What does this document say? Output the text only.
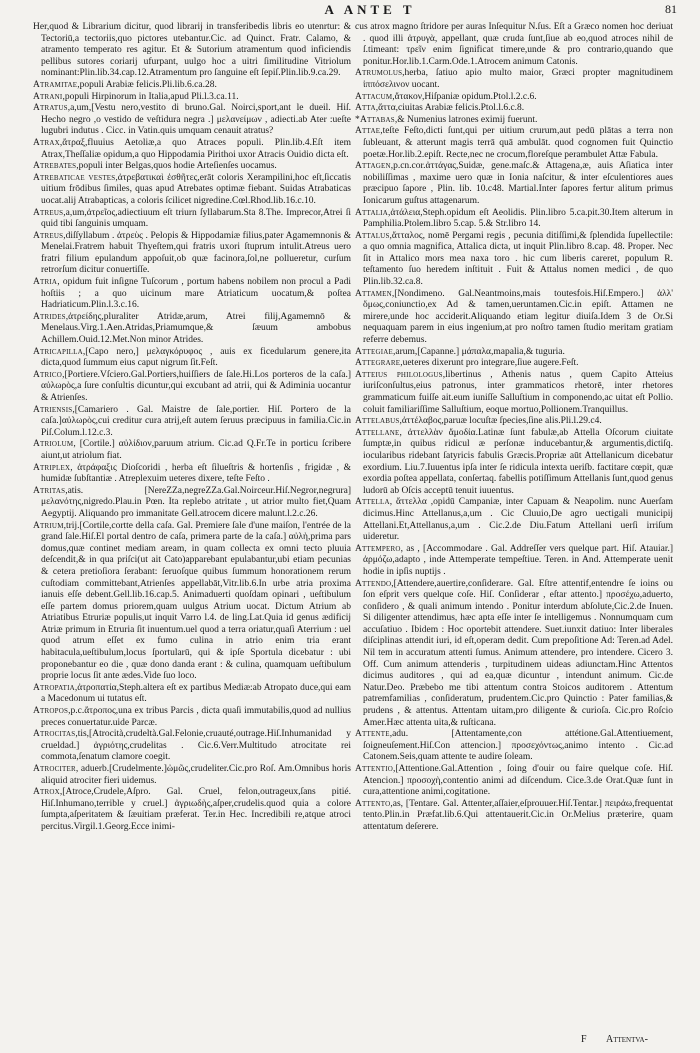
A ANTE T	81

Her,quod & Librarium dicitur, quod librarij in transferibedis libris eo utenrtur: & Tectoriū,a tectoriis,quo pictores utebantur.Cic. ad Quinct. Fratr. Calamo, & atramento temperato res agitur. Et & Sutorium atramentum quod inficiendis pellibus sutores coriarij ufurpant, uulgo hoc a uitri ſimilitudine Vitriolum nominant:Plin.lib.34.cap.12.Atramentum pro ſanguine eſt ſepiſ.Plin.lib.9.ca.29.

Atramitae,populi Arabiæ felicis.Pli.lib.6.ca.28.

Atrani,populi Hirpinorum in Italia,apud Pli.l.3.ca.11.

Atratus,a,um,[Vestu nero,vestito di bruno.Gal. Noirci,sport,ant le dueil. Hiſ. Hecho negro ,o vestido de veſtidura negra .] μελανείμων , adiecti.ab Ater :ueſte lugubri indutus . Cicc. in Vatin.quis umquam cenauit atratus?

Atrax,ἄτραξ,fluuius Aetoliæ,a quo Atraces populi. Plin.lib.4.Eſt item Atrax,Theſſaliæ opidum,a quo Hippodamia Pirithoi uxor Atracis Ouidio dicta eſt.

Atrebates,populi inter Belgas,quos hodie Arteſienſes uocamus.

Atrebaticae vestes,ἀτρεβατικαὶ ἐσθῆτες,erāt coloris Xerampilini,hoc eſt,ſiccatis uitium frōdibus ſimiles, quas apud Atrebates optimæ fiebant. Suidas Atrabaticas uocat.alij Atrabapticas, a coloris ſcilicet nigredine.Cœl.Rhod.lib.16.c.10.

Atreus,a,um,ἀτρεῖος,adiectiuum eſt triurn ſyllabarum.Sta 8.The. Imprecor,Atrei ſi quid tibi ſanguinis umquam.

Atreus,diſſyllabum . ἀτρεὺς . Pelopis & Hippodamiæ filius,pater Agamemnonis & Menelai.Fratrem habuit Thyeſtem,qui fratris uxori ſtuprum intulit.Atreus uero fratri filium epulandum appoſuit,ob quæ facinora,ſol,ne pollueretur, curſum retrorſum dicitur conuertiſſe.

Atria, opidum fuit inſigne Tuſcorum , portum habens nobilem non procul a Padi hoſtiis ; a quo uicinum mare Atriaticum uocatum,& poſtea Hadriaticum.Plin.l.3.c.16.

Atrides,ἀτρείδης,pluraliter Atridæ,arum, Atrei filij,Agamemnō & Menelaus.Virg.1.Aen.Atridas,Priamumque,& ſæuum ambobus Achillem.Ouid.12.Met.Non minor Atrides.

Atricapilla,[Capo nero,] μελαγκόρυφος , auis ex ficedularum genere,ita dicta,quod ſummum eius caput nigrum ſit.Feſt.

Atrico,[Portiere.Vſciero.Gal.Portiers,huiſſiers de ſale.Hi.Los porteros de la caſa.] αὐλωρὸς,a ſure conſultis dicuntur,qui excubant ad atrii, qui & Adiminia uocantur & Atrienſes.

Atriensis,[Camariero . Gal. Maistre de ſale,portier. Hiſ. Portero de la caſa.]αὐλωρὸς,cui creditur cura atrij,eſt autem ſeruus præcipuus in familia.Cic.in Piſ.Colum.l.12.c.3.

Atriolum, [Cortile.] αὐλίδιον,paruum atrium. Cic.ad Q.Fr.Te in porticu ſcribere aiunt,ut atriolum fiat.

Atriplex, ἀτράφαξις Dioſcoridi , herba eſt ſilueſtris & hortenſis , frigidæ , & humidæ ſubſtantiæ . Atreplexuim ueteres dixere, teſte Feſto .

Atritas,atis. [NereZZa,negreZZa.Gal.Noirceur.Hiſ.Negror,negrura] μελανότης,nigredo.Plau.in Pœn. Ita replebo atritate , ut atrior multo fiet,Quam Aegyptij. Aliquando pro immanitate Gell.atrocem dicere malunt.l.2.c.26.

Atrium,trij.[Cortile,cortte della caſa. Gal. Premiere ſale d'une maiſon, l'entrée de la grand ſale.Hiſ.El portal dentro de caſa, primera parte de la caſa.] αὐλὴ,prima pars domus,quæ continet mediam aream, in quam collecta ex omni tecto pluuia deſcendit,& in qua priſci(ut ait Cato)apparebant epulabantur,ubi etiam pecunias & cetera pretioſiora ſerabant: ſeruoſque quibus ſummum honorationem rerum cuſtodiam committebant,Atrienſes appellabāt,Vitr.lib.6.In urbe atria proxima ianuis eſſe debent.Gell.lib.16.cap.5. Animaduerti quoſdam opinari , ueſtibulum eſſe partem domus priorem,quam uulgus Atrium uocat. Dictum Atrium ab Atriatibus Etruriæ populis,ut inquit Varro l.4. de ling.Lat.Quia id genus ædificij Atriæ primum in Etruria ſit inuentum.uel quod a terra oriatur,quaſi Aterrium : uel quod atrum eſſet ex fumo culina in atrio enim tria erant habitacula,ueſtibulum,locus ſportularū, qui & ipſe Sportula dicebatur : ubi proponebantur eo die , quæ dono danda erant : & culina, quamquam ueſtibulum proprie locus ſit ante ædes.Vide ſuo loco.

Atropatia,ἀτροπατία,Steph.altera eſt ex partibus Mediæ:ab Atropato duce,qui eam a Macedonum ui tutatus eſt.

Atropos,p.c.ἄτροπος,una ex tribus Parcis , dicta quaſi immutabilis,quod ad nullius preces conuertatur.uide Parcæ.

Atrocitas,tis,[Atrocità,crudeltà.Gal.Felonie,cruauté,outrage.Hiſ.Inhumanidad y crueldad.] ἀγριότης,crudelitas . Cic.6.Verr.Multitudo atrocitate rei commota,ſenatum clamore coegit.

Atrociter, aduerb.[Crudelmente.]ὠμῶς,crudeliter.Cic.pro Roſ. Am.Omnibus horis aliquid atrociter fieri uidemus.

Atrox,[Atroce,Crudele,Aſpro. Gal. Cruel, felon,outrageux,ſans pitié. Hiſ.Inhumano,terrible y cruel.] ἀγριωδὴς,aſper,crudelis.quod quia a colore ſumpta,aſperitatem & ſæuitiam præferat. Ter.in Hec. Incredibili re,atque atroci percitus.Virgil.1.Georg.Ecce inimi-

cus atrox magno ſtridore per auras Inſequitur N.ſus. Eſt a Græco nomen hoc deriuat . quod illi ἀτρυγὰ, appellant, quæ cruda ſunt,ſiue ab eo,quod atroces nihil de ſ.timeant: τρεῖν enim ſignificat timere,unde & pro contrario,quando que ponitur.Hor.lib.1.Carm.Ode.1.Atrocem animum Catonis.

Atrumolus,herba, ſatiuo apio multo maior, Græci propter magnitudinem ἱππόσελινον uocant.

Attacum,ἄτακον,Hiſpaniæ opidum.Ptol.l.2.c.6.

Atta,ἄττα,ciuitas Arabiæ felicis.Ptol.l.6.c.8.

*Attabas,& Numenius latrones eximij fuerunt.

Attae,teſte Feſto,dicti ſunt,qui per uitium crurum,aut pedū plātas a terra non ſubleuant, & atterunt magis terrā quā ambulāt. quod cognomen fuit Quinctio poetæ.Hor.lib.2.epiſt. Recte,nec ne crocum,floreſque perambulet Attæ Fabula.

Attagen,p.cn.cor.ἀττάγας,Suidæ, gene.maſc.& Attagena,æ, auis Aſiatica inter nobiliſſimas , maxime uero quæ in Ionia naſcitur, & inter eſculentiores aues præcipuo ſapore , Plin. lib. 10.c48. Martial.Inter ſapores fertur alitum primus Ionicarum guſtus attagenarum.

Attalia,ἀτάλεια,Steph.opidum eſt Aeolidis. Plin.libro 5.ca.pit.30.Item alterum in Pamphilia.Ptolem.libro 5.cap. 5.& Str.libro 14.

Attalus,ἄτταλος, nomē Pergami regis , pecunia ditiſſimi,& ſplendida ſupellectile: a quo omnia magnifica, Attalica dicta, ut inquit Plin.libro 8.cap. 48. Proper. Nec ſit in Attalico mors mea naxa toro . hic cum liberis careret, populum R. teſtamento ſuo heredem inſtituit . Fuit & Attalus nomen medici , de quo Plin.lib.32.ca.8.

Attamen,[Nondimeno. Gal.Neantmoins,mais toutesfois.Hiſ.Empero.] ἀλλ' ὅμως,coniunctio,ex Ad & tamen,ueruntamen.Cic.in epiſt. Attamen ne mirere,unde hoc acciderit.Aliquando etiam legitur diuiſa.Idem 3 de Or.Si nequaquam parem in eius ingenium,at pro noſtro tamen ſtudio meritam gratiam referre debemus.

Attegiae,arum,[Capanne.] μάπαλα,mapalia,& tuguria.

Attegrare,ueteres dixerunt pro integrare,ſiue augere.Feſt.

Atteius philologus,libertinus , Athenis natus , quem Capito Atteius iuriſconſultus,eius patronus, inter grammaticos rhetorē, inter rhetores grammaticum fuiſſe ait.eum iuniſſe Salluſtium in componendo,ac uitat eſt Pollio. coluit familiariſſime Salluſtium, eoque mortuo,Pollionem.Tranquillus.

Attelabus,ἀττέλαβος,paruæ locuſtæ ſpecies,ſine alis.Pli.l.29.c4.

Attellane, ἀττελλὰν ἄμοδία.Latinæ ſunt fabulæ,ab Attella Oſcorum ciuitate ſumptæ,in quibus ridicul æ perſonæ inducebantur,& argumentis,dictiſq. iocularibus ridebant ſatyricis fabulis Græcis.Propriæ aūt Attellanicum dicebatur exordium. Liu.7.Iuuentus ipſa inter ſe ridicula intexta ueriſb. factitare cœpit, quæ exordia poſtea appellata, conſertaq. fabellis potiſſimum Attellanis ſunt,quod genus ludorū ab Oſcis acceptū tenuit iuuentus.

Attella, ἄττελλα ,opidū Campaniæ, inter Capuam & Neapolim. nunc Auerſam dicimus.Hinc Attellanus,a,um . Cic Cluuio,De agro uectigali municipij Attellani.Et,Attellanus,a,um . Cic.2.de Diu.Fatum Attellani uerſi irriſum uideretur.

Attempero, as , [Accommodare . Gal. Addreſſer vers quelque part. Hiſ. Atauiar.] ἀρμόζω,adapto , inde Attemperate tempeſtiue. Teren. in And. Attemperate uenit hodie in ipſis nuptijs .

Attendo,[Attendere,auertire,conſiderare. Gal. Eſtre attentif,entendre ſe ioins ou ſon eſprit vers quelque coſe. Hiſ. Conſiderar , eſtar attento.] προσέχω,aduerto, conſidero , & quali animum intendo . Ponitur interdum abſolute,Cic.2.de Inuen. Si diligenter attendimus, hæc apta eſſe inter ſe intelligemus . Nonnumquam cum accuſatiuo . Ibidem : Hoc oportebit attendere. Suet.iunxit datiuo: Inter liberales diſciplinas attendit iuri, id eſt,operam dedit. Cum prepoſitione Ad: Teren.ad Adel. Nil tem in accuratum attenti ſumus. Animum attendere, pro intendere. Cicero 3. Off. Cum animum attenderis , turpitudinem uideas adiunctam.Hinc Attentos dicimus auditores , qui ad ea,quæ dicuntur , intendunt animum. Cic.de Natur.Deo. Præbebo me tibi attentum contra Stoicos auditorem . Attentum patremfamilias , conſideratum, prudentem.Cic.pro Quinctio : Pater familias,& prudens , & attentus. Attentam uitam,pro diligente & curioſa. Cic.pro Roſcio Amer.Hæc attenta uita,& ruſticana.

Attente,adu. [Attentamente,con attétione.Gal.Attentiuement, ſoigneuſement.Hiſ.Con attencion.] προσεχόντως,animo intento . Cic.ad Catonem.Seis,quam attente te audire ſoleam.

Attentio,[Attentione.Gal.Attention , ſoing d'ouir ou faire quelque coſe. Hiſ. Atencion.] προσοχὴ,contentio animi ad diſcendum. Cice.3.de Orat.Quæ ſunt in cura,attentione animi,cogitatione.

Attento,as, [Tentare. Gal. Attenter,aſſaier,eſprouuer.Hiſ.Tentar.] πειράω,frequentat tento.Plin.in Præfat.lib.6.Qui attentauerit.Cic.in Or.Melius præterire, quam attentatum deſerere.

F Attentva-
